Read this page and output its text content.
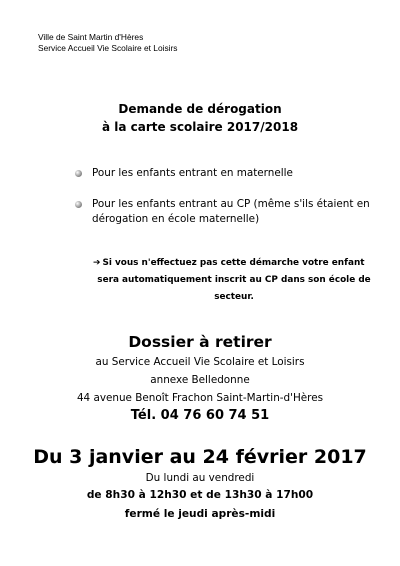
Ville de Saint Martin d'Hères
Service Accueil Vie Scolaire et Loisirs
Demande de dérogation
à la carte scolaire 2017/2018
Pour les enfants entrant en maternelle
Pour les enfants entrant au CP (même s'ils étaient en dérogation en école maternelle)
➔ Si vous n'effectuez pas cette démarche votre enfant
sera automatiquement inscrit au CP dans son école de
secteur.
Dossier à retirer
au Service Accueil Vie Scolaire et Loisirs
annexe Belledonne
44 avenue Benoît Frachon Saint-Martin-d'Hères
Tél. 04 76 60 74 51
Du 3 janvier au 24 février 2017
Du lundi au vendredi
de 8h30 à 12h30 et de 13h30 à 17h00
fermé le jeudi après-midi
